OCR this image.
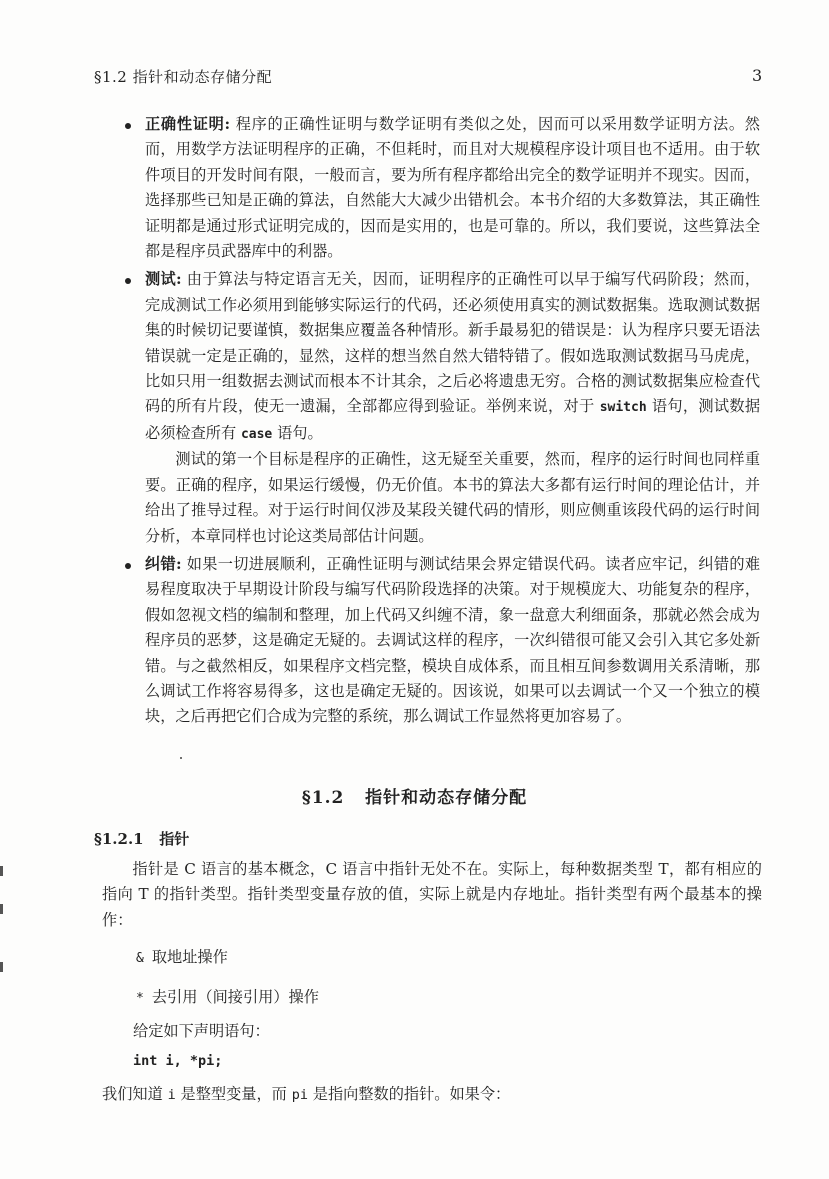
§1.2 指针和动态存储分配	3

正确性证明: 程序的正确性证明与数学证明有类似之处，因而可以采用数学证明方法。然而，用数学方法证明程序的正确，不但耗时，而且对大规模程序设计项目也不适用。由于软件项目的开发时间有限，一般而言，要为所有程序都给出完全的数学证明并不现实。因而，选择那些已知是正确的算法，自然能大大减少出错机会。本书介绍的大多数算法，其正确性证明都是通过形式证明完成的，因而是实用的，也是可靠的。所以，我们要说，这些算法全都是程序员武器库中的利器。

测试: 由于算法与特定语言无关，因而，证明程序的正确性可以早于编写代码阶段；然而，完成测试工作必须用到能够实际运行的代码，还必须使用真实的测试数据集。选取测试数据集的时候切记要谨慎，数据集应覆盖各种情形。新手最易犯的错误是：认为程序只要无语法错误就一定是正确的，显然，这样的想当然自然大错特错了。假如选取测试数据马马虎虎，比如只用一组数据去测试而根本不计其余，之后必将遗患无穷。合格的测试数据集应检查代码的所有片段，使无一遗漏，全部都应得到验证。举例来说，对于 switch 语句，测试数据必须检查所有 case 语句。

测试的第一个目标是程序的正确性，这无疑至关重要，然而，程序的运行时间也同样重要。正确的程序，如果运行缓慢，仍无价值。本书的算法大多都有运行时间的理论估计，并给出了推导过程。对于运行时间仅涉及某段关键代码的情形，则应侧重该段代码的运行时间分析，本章同样也讨论这类局部估计问题。

纠错: 如果一切进展顺利，正确性证明与测试结果会界定错误代码。读者应牢记，纠错的难易程度取决于早期设计阶段与编写代码阶段选择的决策。对于规模庞大、功能复杂的程序，假如忽视文档的编制和整理，加上代码又纠缠不清，象一盘意大利细面条，那就必然会成为程序员的恶梦，这是确定无疑的。去调试这样的程序，一次纠错很可能又会引入其它多处新错。与之截然相反，如果程序文档完整，模块自成体系，而且相互间参数调用关系清晰，那么调试工作将容易得多，这也是确定无疑的。因该说，如果可以去调试一个又一个独立的模块，之后再把它们合成为完整的系统，那么调试工作显然将更加容易了。

§1.2 指针和动态存储分配
§1.2.1 指针

指针是 C 语言的基本概念，C 语言中指针无处不在。实际上，每种数据类型 T，都有相应的指向 T 的指针类型。指针类型变量存放的值，实际上就是内存地址。指针类型有两个最基本的操作：

& 取地址操作
* 去引用（间接引用）操作
给定如下声明语句：
int i, *pi;
我们知道 i 是整型变量，而 pi 是指向整数的指针。如果令：
